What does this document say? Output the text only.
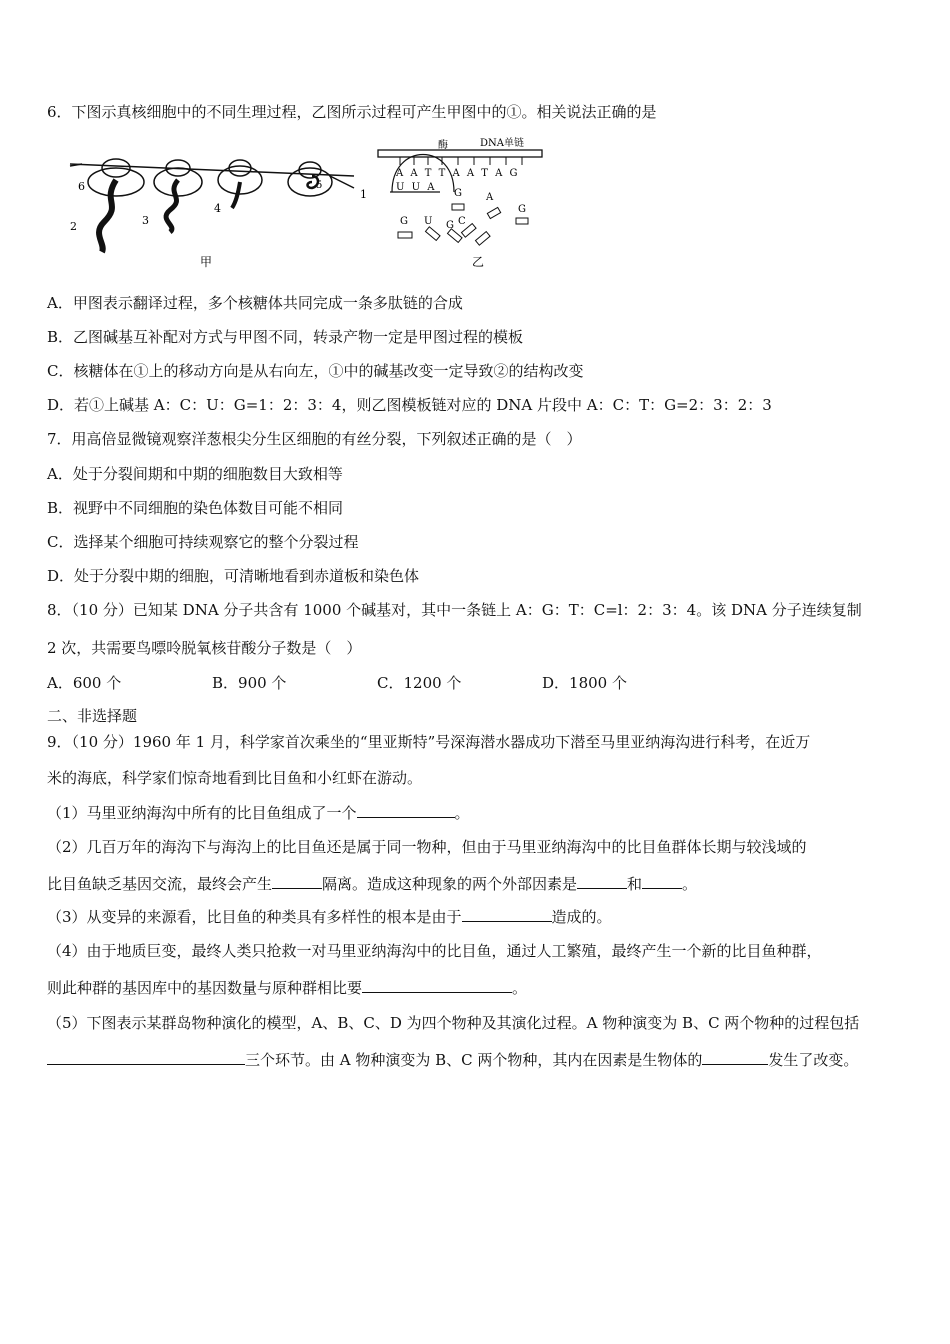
6．下图示真核细胞中的不同生理过程，乙图所示过程可产生甲图中的①。相关说法正确的是
6
2	3
4
5
1
甲
酶	DNA单链
A A T T A A T A G
U U A
G A
G U G C
G
乙
A．甲图表示翻译过程，多个核糖体共同完成一条多肽链的合成
B．乙图碱基互补配对方式与甲图不同，转录产物一定是甲图过程的模板
C．核糖体在①上的移动方向是从右向左，①中的碱基改变一定导致②的结构改变
D．若①上碱基 A：C：U：G=1：2：3：4，则乙图模板链对应的 DNA 片段中 A：C：T：G=2：3：2：3
7．用高倍显微镜观察洋葱根尖分生区细胞的有丝分裂，下列叙述正确的是（　）
A．处于分裂间期和中期的细胞数目大致相等
B．视野中不同细胞的染色体数目可能不相同
C．选择某个细胞可持续观察它的整个分裂过程
D．处于分裂中期的细胞，可清晰地看到赤道板和染色体
8．（10 分）已知某 DNA 分子共含有 1000 个碱基对，其中一条链上 A：G：T：C=l：2：3：4。该 DNA 分子连续复制
2 次，共需要鸟嘌呤脱氧核苷酸分子数是（　）
A．600 个	B．900 个	C．1200 个	D．1800 个
二、非选择题
9．（10 分）1960 年 1 月，科学家首次乘坐的“里亚斯特”号深海潜水器成功下潜至马里亚纳海沟进行科考，在近万
米的海底，科学家们惊奇地看到比目鱼和小红虾在游动。
（1）马里亚纳海沟中所有的比目鱼组成了一个	。
（2）几百万年的海沟下与海沟上的比目鱼还是属于同一物种，但由于马里亚纳海沟中的比目鱼群体长期与较浅域的
比目鱼缺乏基因交流，最终会产生	隔离。造成这种现象的两个外部因素是	和	。
（3）从变异的来源看，比目鱼的种类具有多样性的根本是由于	造成的。
（4）由于地质巨变，最终人类只抢救一对马里亚纳海沟中的比目鱼，通过人工繁殖，最终产生一个新的比目鱼种群，
则此种群的基因库中的基因数量与原种群相比要	。
（5）下图表示某群岛物种演化的模型，A、B、C、D 为四个物种及其演化过程。A 物种演变为 B、C 两个物种的过程包括
三个环节。由 A 物种演变为 B、C 两个物种，其内在因素是生物体的	发生了改变。
